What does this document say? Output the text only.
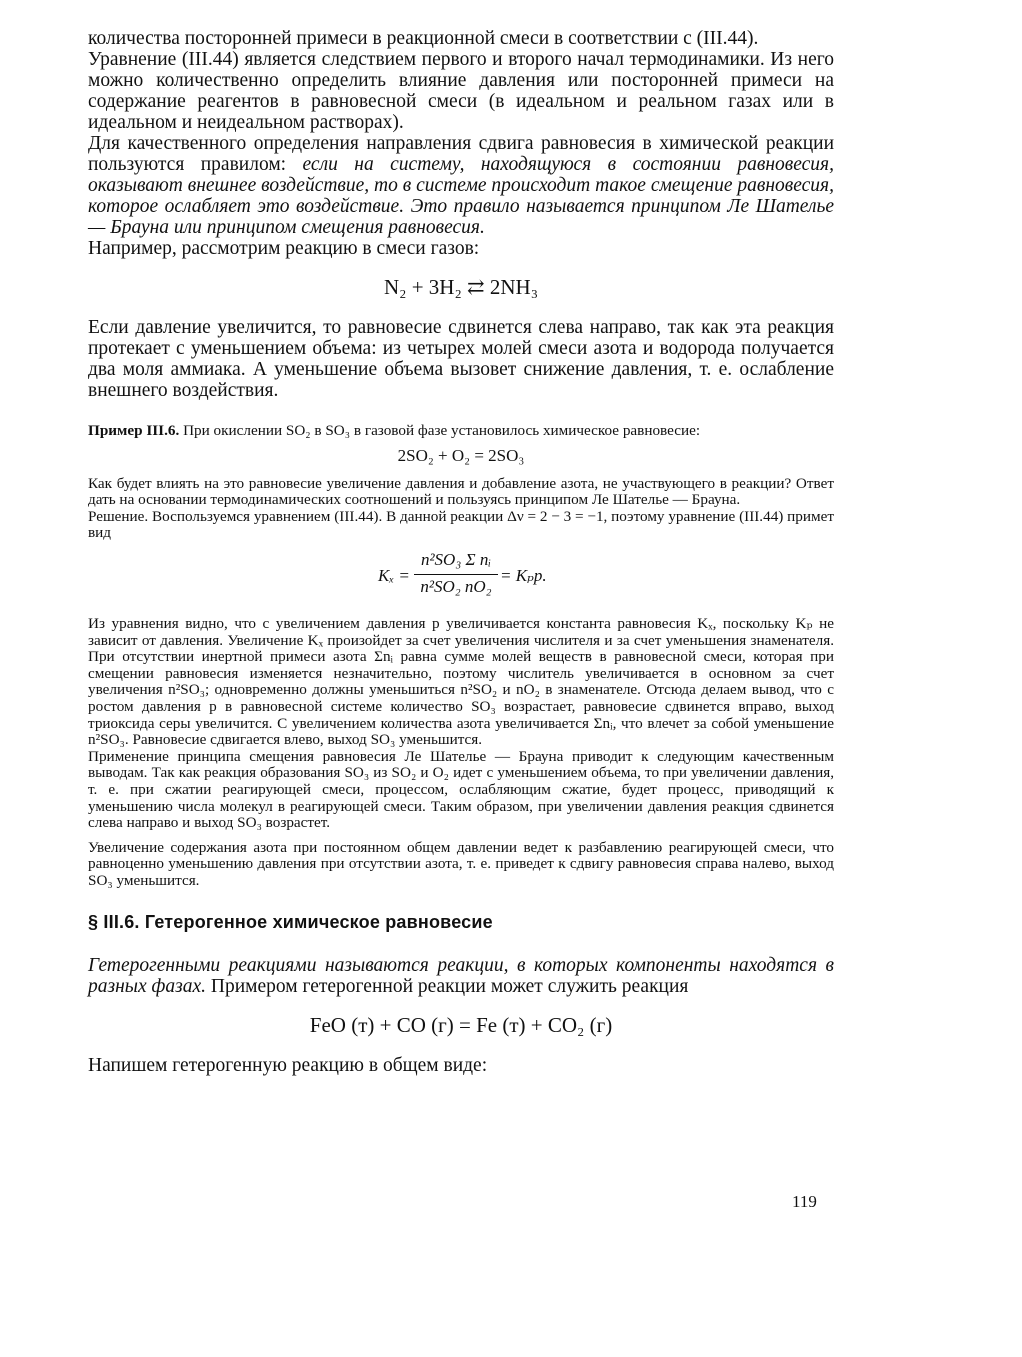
количества посторонней примеси в реакционной смеси в соответствии с (III.44).

Уравнение (III.44) является следствием первого и второго начал термодинамики. Из него можно количественно определить влияние давления или посторонней примеси на содержание реагентов в равновесной смеси (в идеальном и реальном газах или в идеальном и неидеальном растворах).

Для качественного определения направления сдвига равновесия в химической реакции пользуются правилом: если на систему, находящуюся в состоянии равновесия, оказывают внешнее воздействие, то в системе происходит такое смещение равновесия, которое ослабляет это воздействие. Это правило называется принципом Ле Шателье — Брауна или принципом смещения равновесия.

Например, рассмотрим реакцию в смеси газов:

N₂ + 3H₂ ⇄ 2NH₃

Если давление увеличится, то равновесие сдвинется слева направо, так как эта реакция протекает с уменьшением объема: из четырех молей смеси азота и водорода получается два моля аммиака. А уменьшение объема вызовет снижение давления, т. е. ослабление внешнего воздействия.

Пример III.6. При окислении SO₂ в SO₃ в газовой фазе установилось химическое равновесие:

2SO₂ + O₂ = 2SO₃

Как будет влиять на это равновесие увеличение давления и добавление азота, не участвующего в реакции? Ответ дать на основании термодинамических соотношений и пользуясь принципом Ле Шателье — Брауна.

Решение. Воспользуемся уравнением (III.44). В данной реакции Δν = 2 − 3 = −1, поэтому уравнение (III.44) примет вид

Kₓ =
n²SO₃ Σ nᵢ
n²SO₂ nO₂
= Kₚp.

Из уравнения видно, что с увеличением давления p увеличивается константа равновесия Kₓ, поскольку Kₚ не зависит от давления. Увеличение Kₓ произойдет за счет увеличения числителя и за счет уменьшения знаменателя. При отсутствии инертной примеси азота Σnᵢ равна сумме молей веществ в равновесной смеси, которая при смещении равновесия изменяется незначительно, поэтому числитель увеличивается в основном за счет увеличения n²SO₃; одновременно должны уменьшиться n²SO₂ и nO₂ в знаменателе. Отсюда делаем вывод, что с ростом давления p в равновесной системе количество SO₃ возрастает, равновесие сдвинется вправо, выход триоксида серы увеличится. С увеличением количества азота увеличивается Σnᵢ, что влечет за собой уменьшение n²SO₃. Равновесие сдвигается влево, выход SO₃ уменьшится.

Применение принципа смещения равновесия Ле Шателье — Брауна приводит к следующим качественным выводам. Так как реакция образования SO₃ из SO₂ и O₂ идет с уменьшением объема, то при увеличении давления, т. е. при сжатии реагирующей смеси, процессом, ослабляющим сжатие, будет процесс, приводящий к уменьшению числа молекул в реагирующей смеси. Таким образом, при увеличении давления реакция сдвинется слева направо и выход SO₃ возрастет.

Увеличение содержания азота при постоянном общем давлении ведет к разбавлению реагирующей смеси, что равноценно уменьшению давления при отсутствии азота, т. е. приведет к сдвигу равновесия справа налево, выход SO₃ уменьшится.

§ III.6. Гетерогенное химическое равновесие

Гетерогенными реакциями называются реакции, в которых компоненты находятся в разных фазах. Примером гетерогенной реакции может служить реакция

FeO (т) + CO (г) = Fe (т) + CO₂ (г)

Напишем гетерогенную реакцию в общем виде:

119
